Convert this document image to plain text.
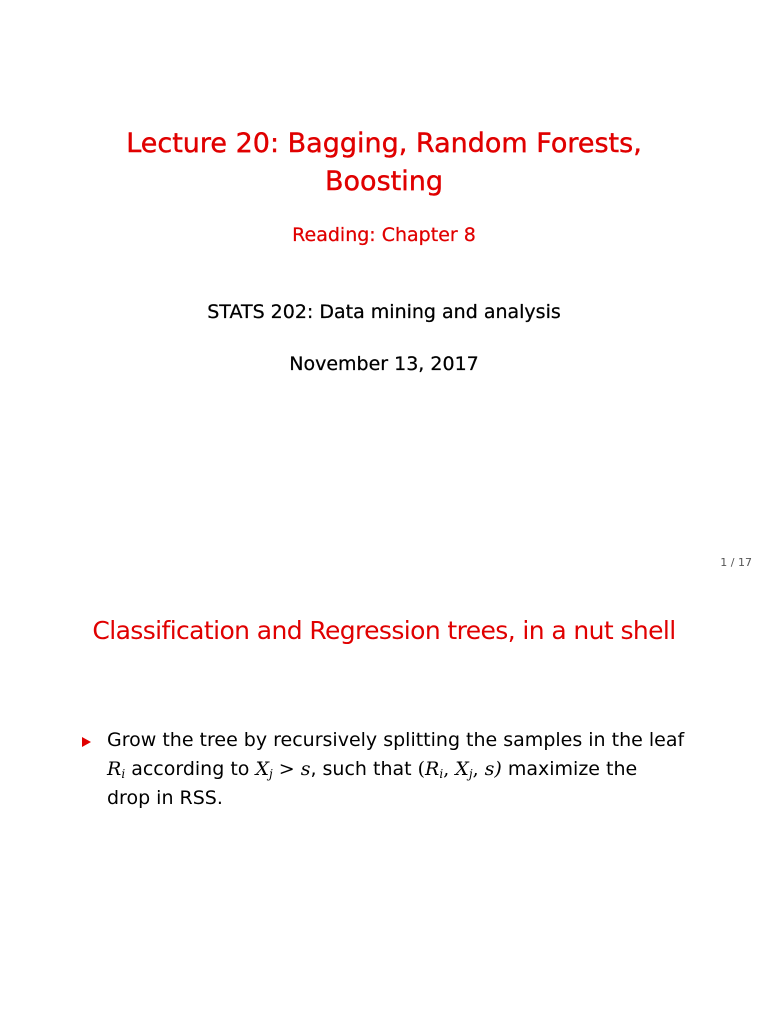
Lecture 20: Bagging, Random Forests,
Boosting
Reading: Chapter 8
STATS 202: Data mining and analysis
November 13, 2017
1 / 17
Classification and Regression trees, in a nut shell
Grow the tree by recursively splitting the samples in the leaf
$R_i$ according to $X_j > s$, such that ($R_i$, $X_j$, s) maximize the
drop in RSS.
